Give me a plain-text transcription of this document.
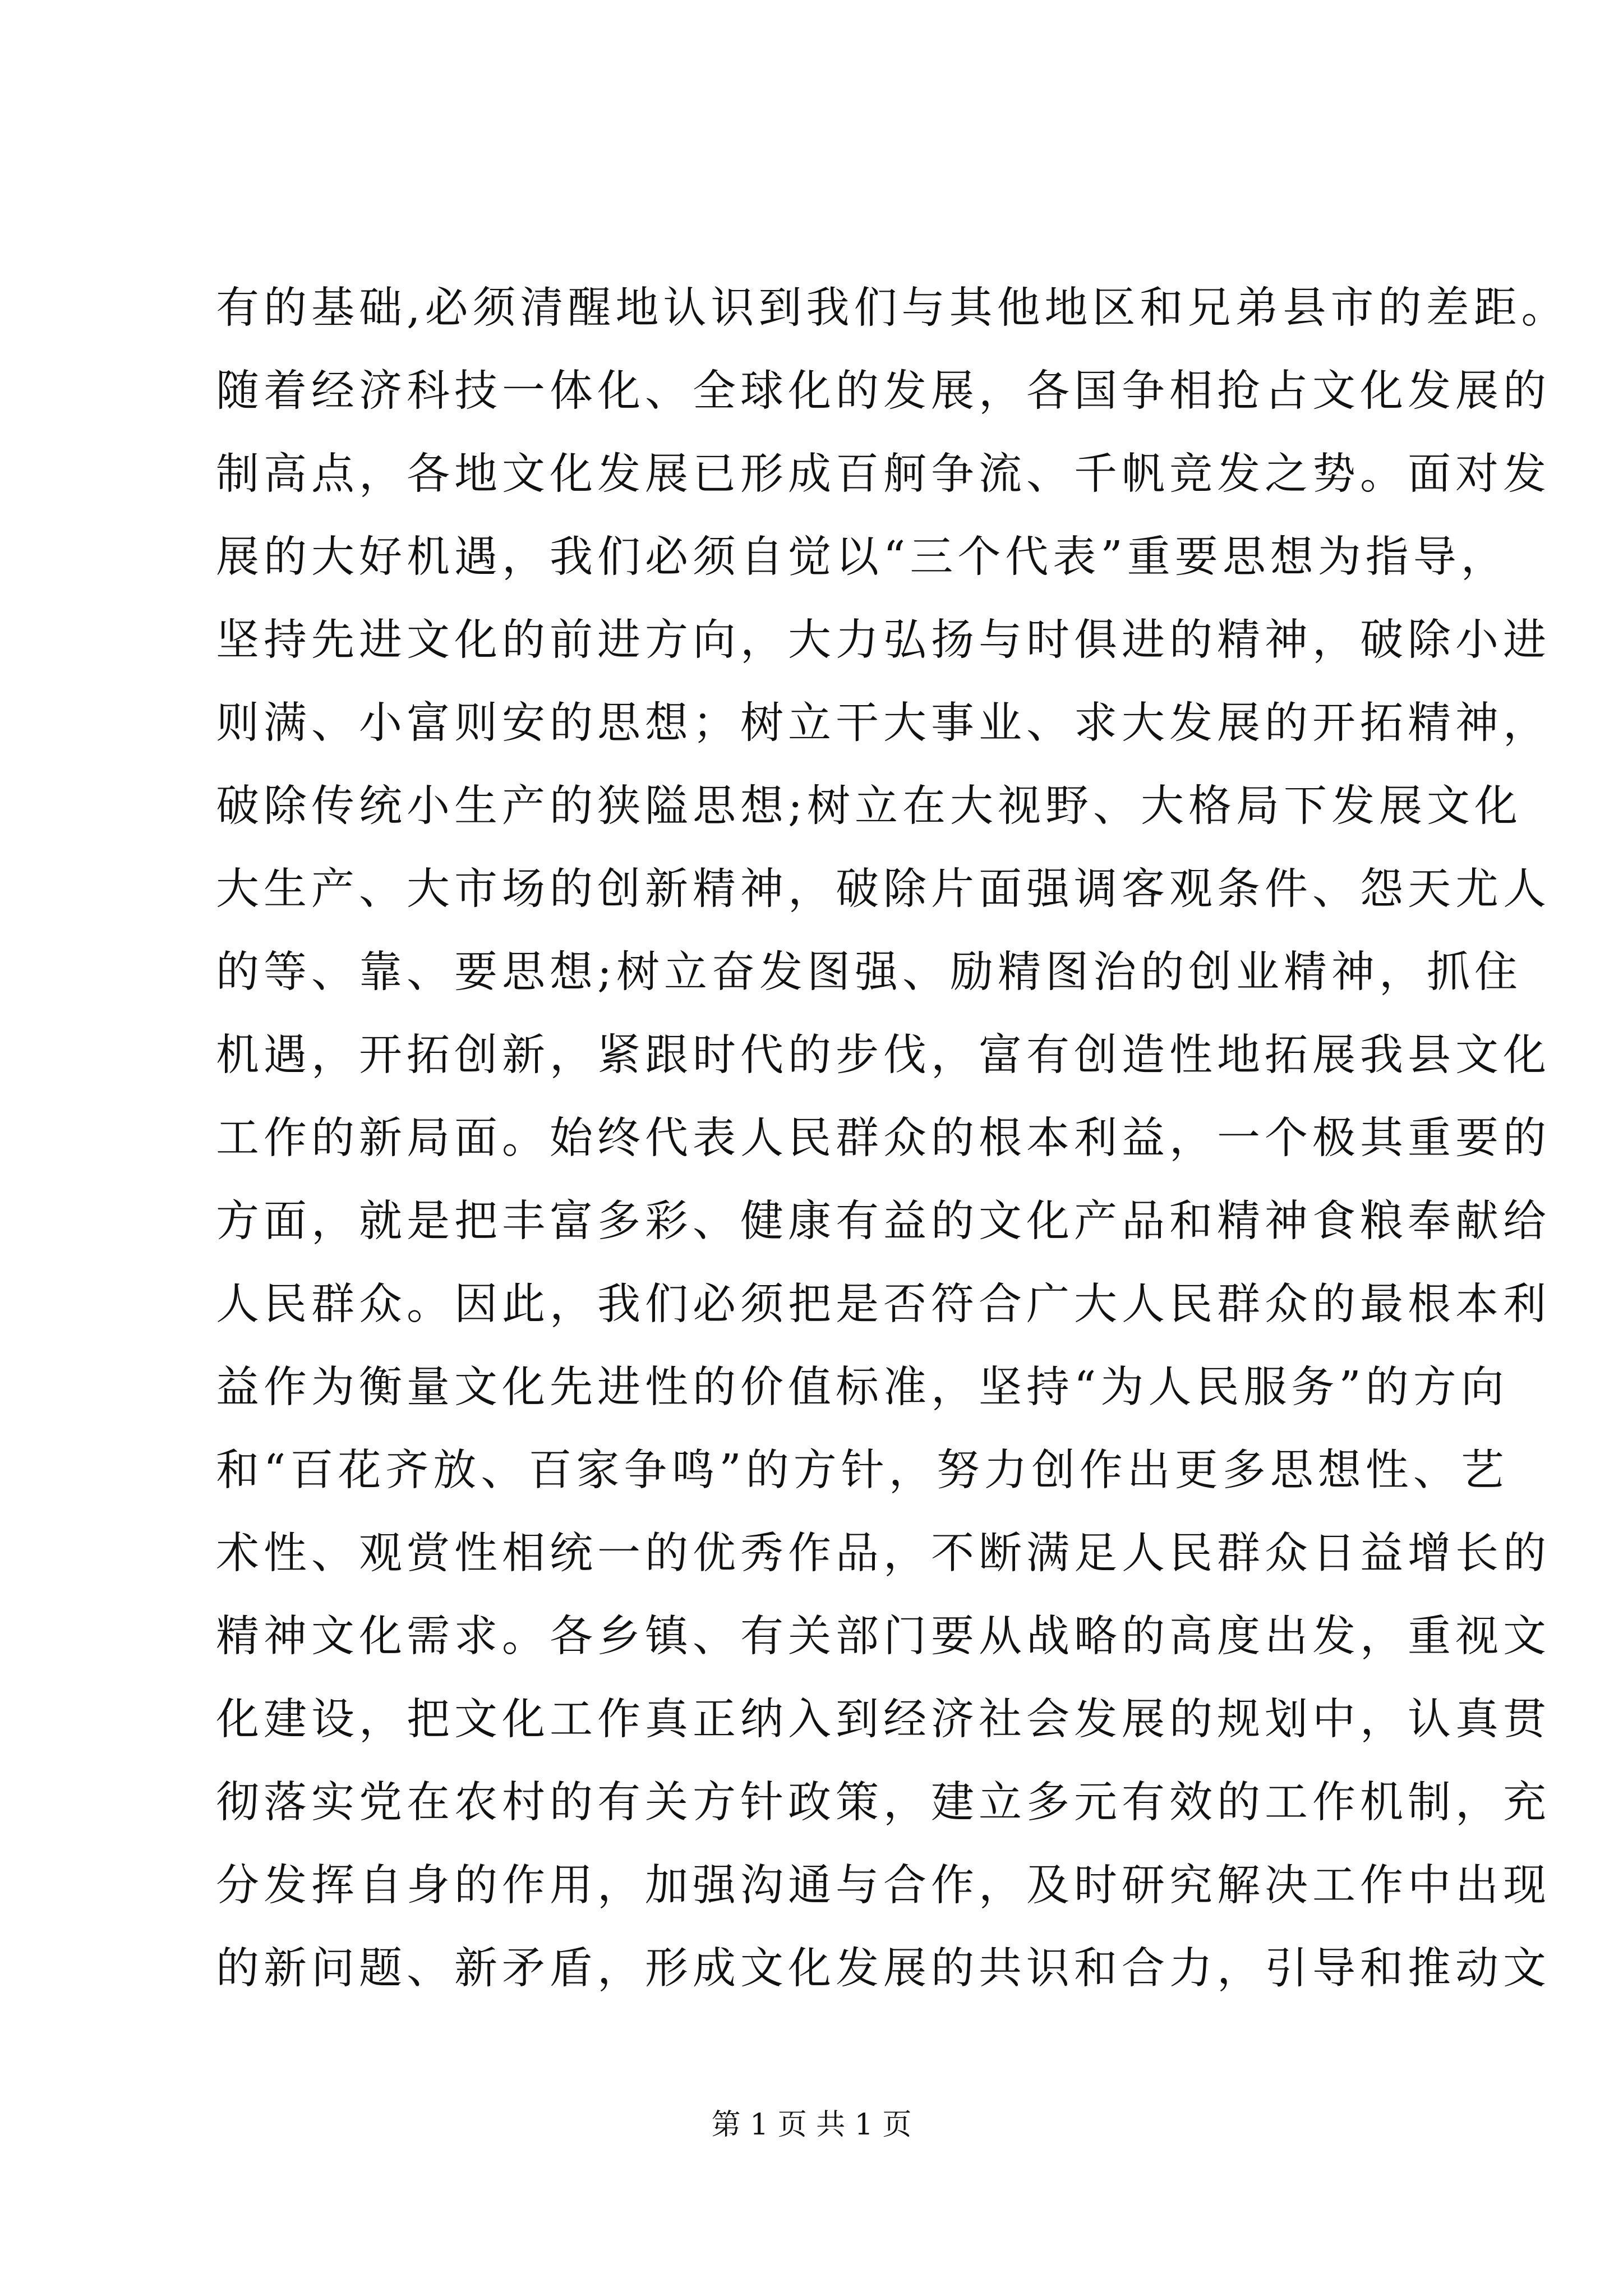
有的基础,必须清醒地认识到我们与其他地区和兄弟县市的差距。
随着经济科技一体化、全球化的发展，各国争相抢占文化发展的
制高点，各地文化发展已形成百舸争流、千帆竞发之势。面对发
展的大好机遇，我们必须自觉以“三个代表”重要思想为指导，
坚持先进文化的前进方向，大力弘扬与时俱进的精神，破除小进
则满、小富则安的思想；树立干大事业、求大发展的开拓精神，
破除传统小生产的狭隘思想;树立在大视野、大格局下发展文化
大生产、大市场的创新精神，破除片面强调客观条件、怨天尤人
的等、靠、要思想;树立奋发图强、励精图治的创业精神，抓住
机遇，开拓创新，紧跟时代的步伐，富有创造性地拓展我县文化
工作的新局面。始终代表人民群众的根本利益，一个极其重要的
方面，就是把丰富多彩、健康有益的文化产品和精神食粮奉献给
人民群众。因此，我们必须把是否符合广大人民群众的最根本利
益作为衡量文化先进性的价值标准，坚持“为人民服务”的方向
和“百花齐放、百家争鸣”的方针，努力创作出更多思想性、艺
术性、观赏性相统一的优秀作品，不断满足人民群众日益增长的
精神文化需求。各乡镇、有关部门要从战略的高度出发，重视文
化建设，把文化工作真正纳入到经济社会发展的规划中，认真贯
彻落实党在农村的有关方针政策，建立多元有效的工作机制，充
分发挥自身的作用，加强沟通与合作，及时研究解决工作中出现
的新问题、新矛盾，形成文化发展的共识和合力，引导和推动文
第 1 页 共 1 页
